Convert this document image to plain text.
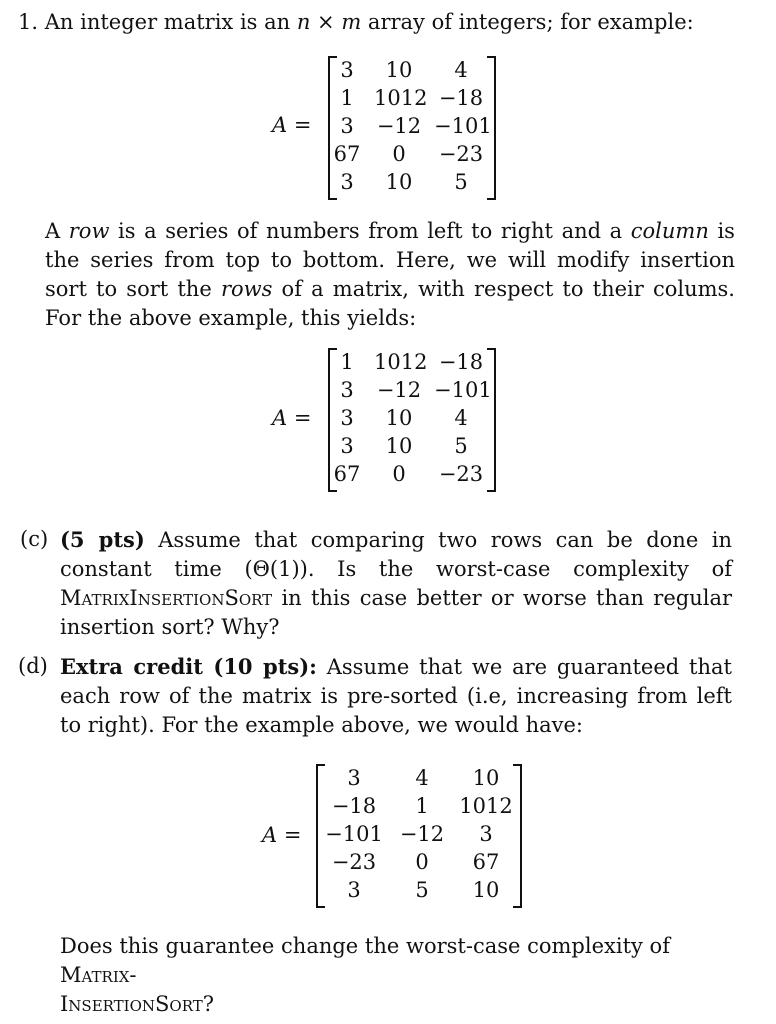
1. An integer matrix is an n × m array of integers; for example:
A =
3	10	4
1 1012 −18
3	−12 −101
67	0	−23
3	10	5
A row is a series of numbers from left to right and a column is the series from top to bottom. Here, we will modify insertion sort to sort the rows of a matrix, with respect to their colums. For the above example, this yields:
A =
1 1012 −18
3	−12 −101
3	10	4
3	10	5
67	0	−23
(c) (5 pts) Assume that comparing two rows can be done in constant time (Θ(1)). Is the worst-case complexity of MatrixInsertionSort in this case better or worse than regular insertion sort? Why?
(d) Extra credit (10 pts): Assume that we are guaranteed that each row of the matrix is pre-sorted (i.e, increasing from left to right). For the example above, we would have:
A =
3	4	10
−18	1	1012
−101 −12	3
−23	0	67
3	5	10
Does this guarantee change the worst-case complexity of Matrix-
InsertionSort?
